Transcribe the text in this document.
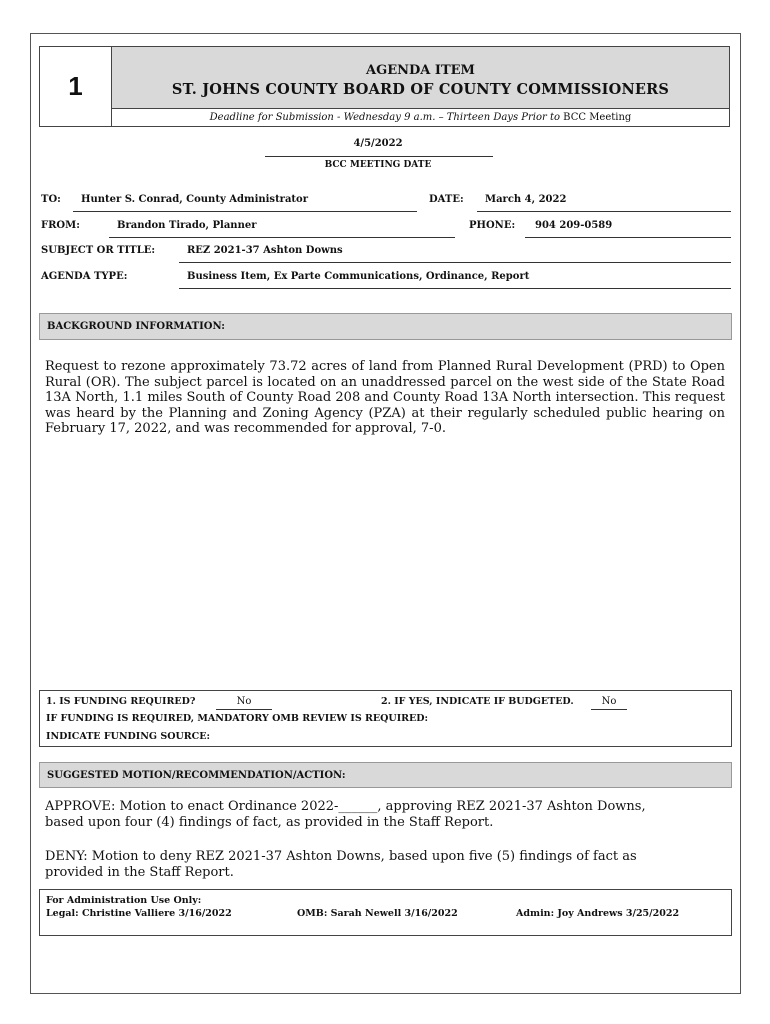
1
AGENDA ITEM
ST. JOHNS COUNTY BOARD OF COUNTY COMMISSIONERS
Deadline for Submission - Wednesday 9 a.m. – Thirteen Days Prior to BCC Meeting
4/5/2022
BCC MEETING DATE
TO: Hunter S. Conrad, County Administrator	DATE: March 4, 2022
FROM:	Brandon Tirado, Planner	PHONE: 904 209-0589
SUBJECT OR TITLE:	REZ 2021-37 Ashton Downs
AGENDA TYPE:	Business Item, Ex Parte Communications, Ordinance, Report
BACKGROUND INFORMATION:
Request to rezone approximately 73.72 acres of land from Planned Rural Development (PRD) to Open Rural (OR). The subject parcel is located on an unaddressed parcel on the west side of the State Road 13A North, 1.1 miles South of County Road 208 and County Road 13A North intersection. This request was heard by the Planning and Zoning Agency (PZA) at their regularly scheduled public hearing on February 17, 2022, and was recommended for approval, 7-0.
1. IS FUNDING REQUIRED?	No	2. IF YES, INDICATE IF BUDGETED.	No
IF FUNDING IS REQUIRED, MANDATORY OMB REVIEW IS REQUIRED:
INDICATE FUNDING SOURCE:
SUGGESTED MOTION/RECOMMENDATION/ACTION:
APPROVE: Motion to enact Ordinance 2022-______, approving REZ 2021-37 Ashton Downs, based upon four (4) findings of fact, as provided in the Staff Report.
DENY: Motion to deny REZ 2021-37 Ashton Downs, based upon five (5) findings of fact as provided in the Staff Report.
For Administration Use Only:
Legal: Christine Valliere 3/16/2022	OMB: Sarah Newell 3/16/2022	Admin: Joy Andrews 3/25/2022
